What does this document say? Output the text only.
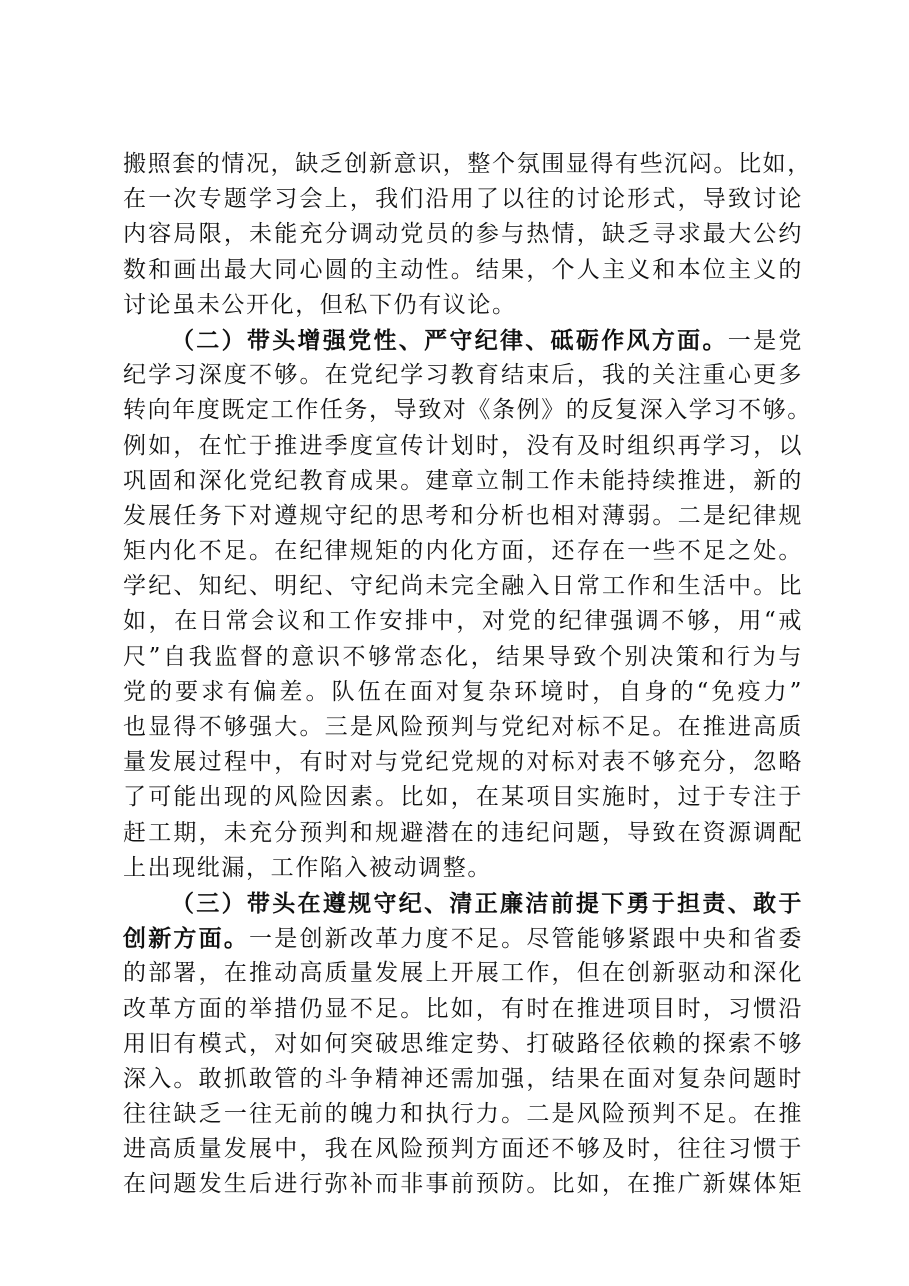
搬照套的情况，缺乏创新意识，整个氛围显得有些沉闷。比如，
在一次专题学习会上，我们沿用了以往的讨论形式，导致讨论
内容局限，未能充分调动党员的参与热情，缺乏寻求最大公约
数和画出最大同心圆的主动性。结果，个人主义和本位主义的
讨论虽未公开化，但私下仍有议论。
（二）带头增强党性、严守纪律、砥砺作风方面。一是党
纪学习深度不够。在党纪学习教育结束后，我的关注重心更多
转向年度既定工作任务，导致对《条例》的反复深入学习不够。
例如，在忙于推进季度宣传计划时，没有及时组织再学习，以
巩固和深化党纪教育成果。建章立制工作未能持续推进，新的
发展任务下对遵规守纪的思考和分析也相对薄弱。二是纪律规
矩内化不足。在纪律规矩的内化方面，还存在一些不足之处。
学纪、知纪、明纪、守纪尚未完全融入日常工作和生活中。比
如，在日常会议和工作安排中，对党的纪律强调不够，用“戒
尺”自我监督的意识不够常态化，结果导致个别决策和行为与
党的要求有偏差。队伍在面对复杂环境时，自身的“免疫力”
也显得不够强大。三是风险预判与党纪对标不足。在推进高质
量发展过程中，有时对与党纪党规的对标对表不够充分，忽略
了可能出现的风险因素。比如，在某项目实施时，过于专注于
赶工期，未充分预判和规避潜在的违纪问题，导致在资源调配
上出现纰漏，工作陷入被动调整。
（三）带头在遵规守纪、清正廉洁前提下勇于担责、敢于
创新方面。一是创新改革力度不足。尽管能够紧跟中央和省委
的部署，在推动高质量发展上开展工作，但在创新驱动和深化
改革方面的举措仍显不足。比如，有时在推进项目时，习惯沿
用旧有模式，对如何突破思维定势、打破路径依赖的探索不够
深入。敢抓敢管的斗争精神还需加强，结果在面对复杂问题时
往往缺乏一往无前的魄力和执行力。二是风险预判不足。在推
进高质量发展中，我在风险预判方面还不够及时，往往习惯于
在问题发生后进行弥补而非事前预防。比如，在推广新媒体矩
